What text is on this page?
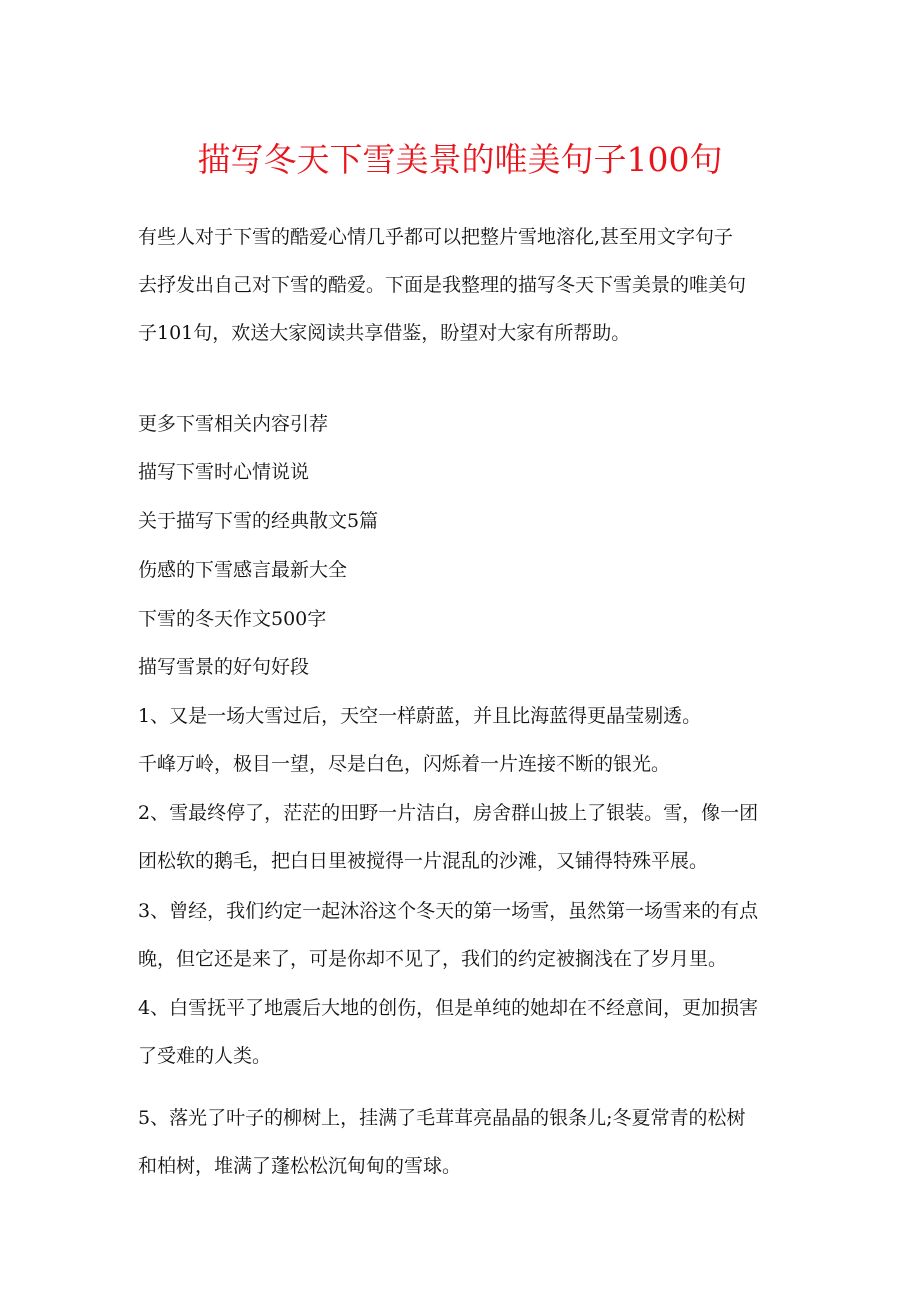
描写冬天下雪美景的唯美句子100句
有些人对于下雪的酷爱心情几乎都可以把整片雪地溶化,甚至用文字句子
去抒发出自己对下雪的酷爱。下面是我整理的描写冬天下雪美景的唯美句
子101句，欢送大家阅读共享借鉴，盼望对大家有所帮助。
更多下雪相关内容引荐
描写下雪时心情说说
关于描写下雪的经典散文5篇
伤感的下雪感言最新大全
下雪的冬天作文500字
描写雪景的好句好段
1、又是一场大雪过后，天空一样蔚蓝，并且比海蓝得更晶莹剔透。
千峰万岭，极目一望，尽是白色，闪烁着一片连接不断的银光。
2、雪最终停了，茫茫的田野一片洁白，房舍群山披上了银装。雪，像一团
团松软的鹅毛，把白日里被搅得一片混乱的沙滩，又铺得特殊平展。
3、曾经，我们约定一起沐浴这个冬天的第一场雪，虽然第一场雪来的有点
晚，但它还是来了，可是你却不见了，我们的约定被搁浅在了岁月里。
4、白雪抚平了地震后大地的创伤，但是单纯的她却在不经意间，更加损害
了受难的人类。
5、落光了叶子的柳树上，挂满了毛茸茸亮晶晶的银条儿;冬夏常青的松树
和柏树，堆满了蓬松松沉甸甸的雪球。
